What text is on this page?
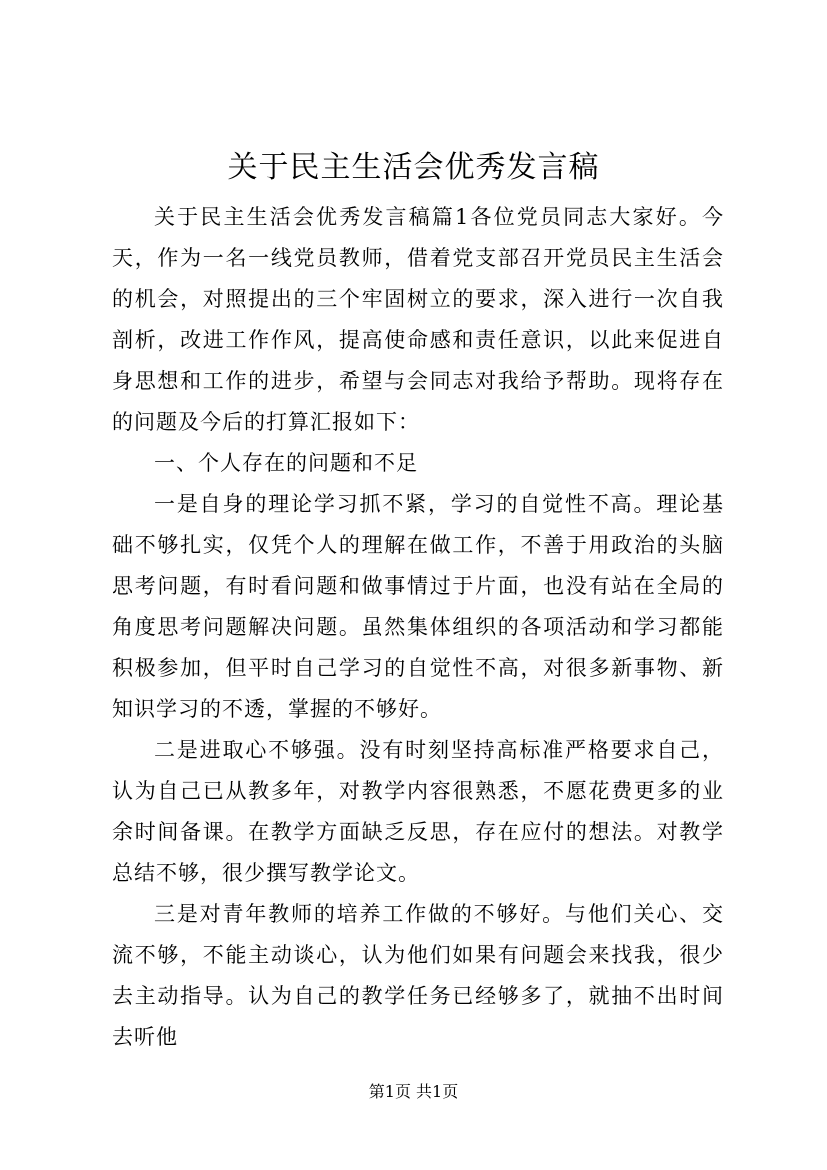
关于民主生活会优秀发言稿

关于民主生活会优秀发言稿篇1各位党员同志大家好。今天，作为一名一线党员教师，借着党支部召开党员民主生活会的机会，对照提出的三个牢固树立的要求，深入进行一次自我剖析，改进工作作风，提高使命感和责任意识，以此来促进自身思想和工作的进步，希望与会同志对我给予帮助。现将存在的问题及今后的打算汇报如下：

一、个人存在的问题和不足

一是自身的理论学习抓不紧，学习的自觉性不高。理论基础不够扎实，仅凭个人的理解在做工作，不善于用政治的头脑思考问题，有时看问题和做事情过于片面，也没有站在全局的角度思考问题解决问题。虽然集体组织的各项活动和学习都能积极参加，但平时自己学习的自觉性不高，对很多新事物、新知识学习的不透，掌握的不够好。

二是进取心不够强。没有时刻坚持高标准严格要求自己，认为自己已从教多年，对教学内容很熟悉，不愿花费更多的业余时间备课。在教学方面缺乏反思，存在应付的想法。对教学总结不够，很少撰写教学论文。

三是对青年教师的培养工作做的不够好。与他们关心、交流不够，不能主动谈心，认为他们如果有问题会来找我，很少去主动指导。认为自己的教学任务已经够多了，就抽不出时间去听他

第1页 共1页
